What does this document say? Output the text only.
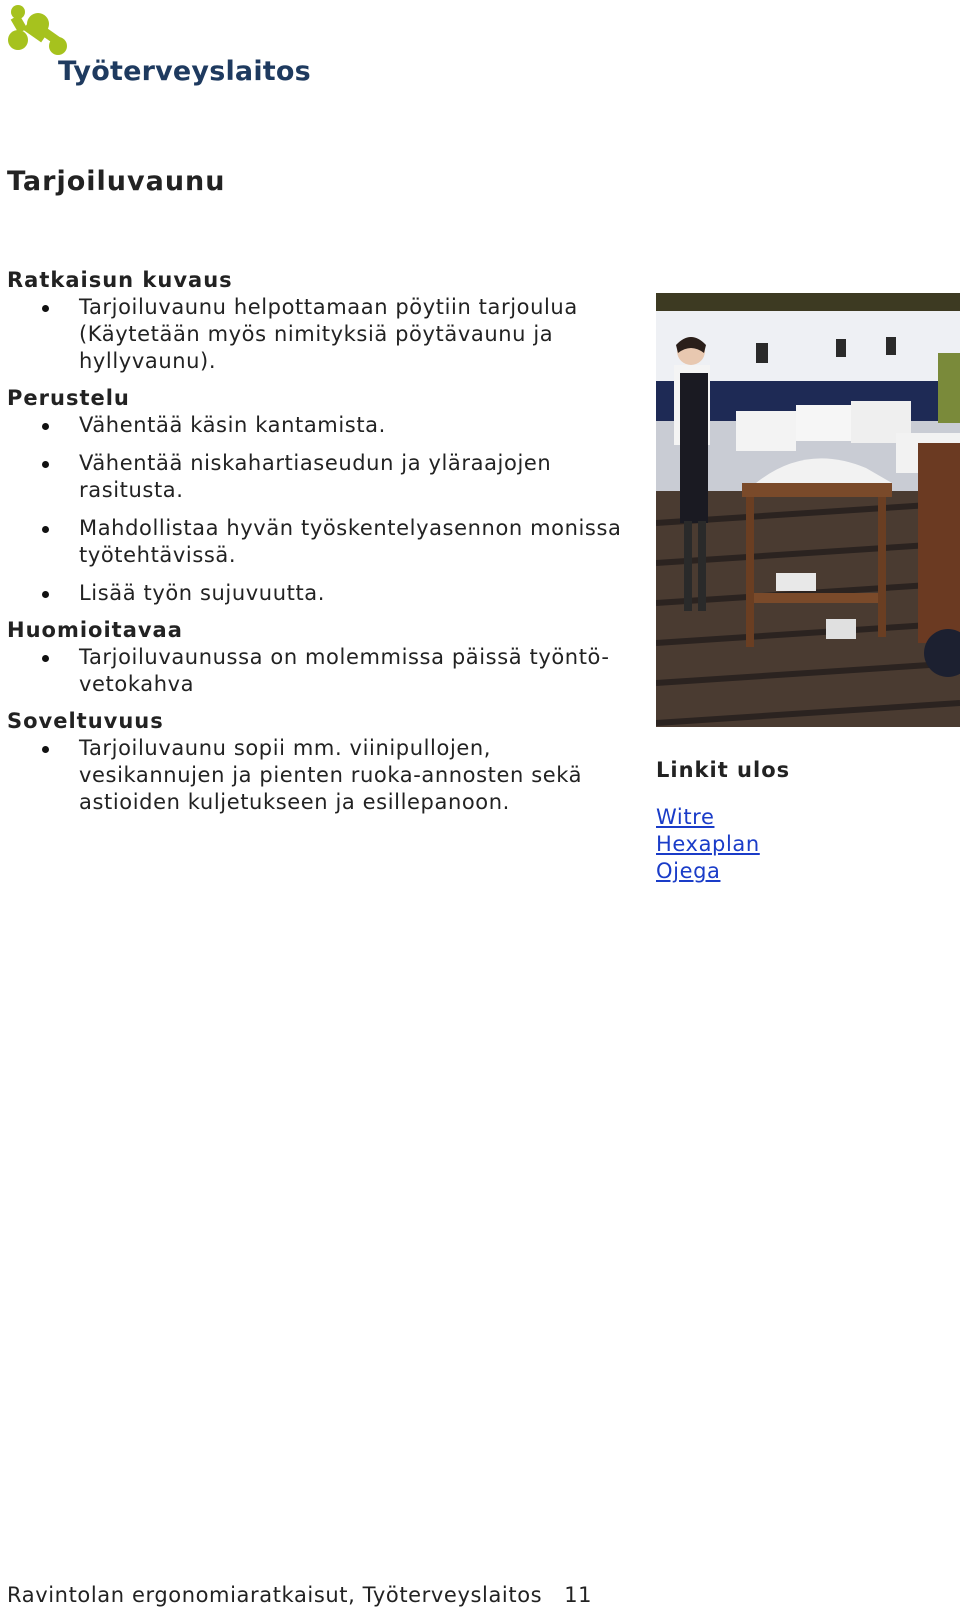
Työterveyslaitos
Tarjoiluvaunu
Ratkaisun kuvaus
Tarjoiluvaunu helpottamaan pöytiin tarjoulua (Käytetään myös nimityksiä pöytävaunu ja hyllyvaunu).
Perustelu
Vähentää käsin kantamista.
Vähentää niskahartiaseudun ja yläraajojen rasitusta.
Mahdollistaa hyvän työskentelyasennon monissa työtehtävissä.
Lisää työn sujuvuutta.
Huomioitavaa
Tarjoiluvaunussa on molemmissa päissä työntö-vetokahva
Soveltuvuus
Tarjoiluvaunu sopii mm. viinipullojen, vesikannujen ja pienten ruoka-annosten sekä astioiden kuljetukseen ja esillepanoon.
Linkit ulos
Witre
Hexaplan
Ojega
Ravintolan ergonomiaratkaisut, Työterveyslaitos 11
